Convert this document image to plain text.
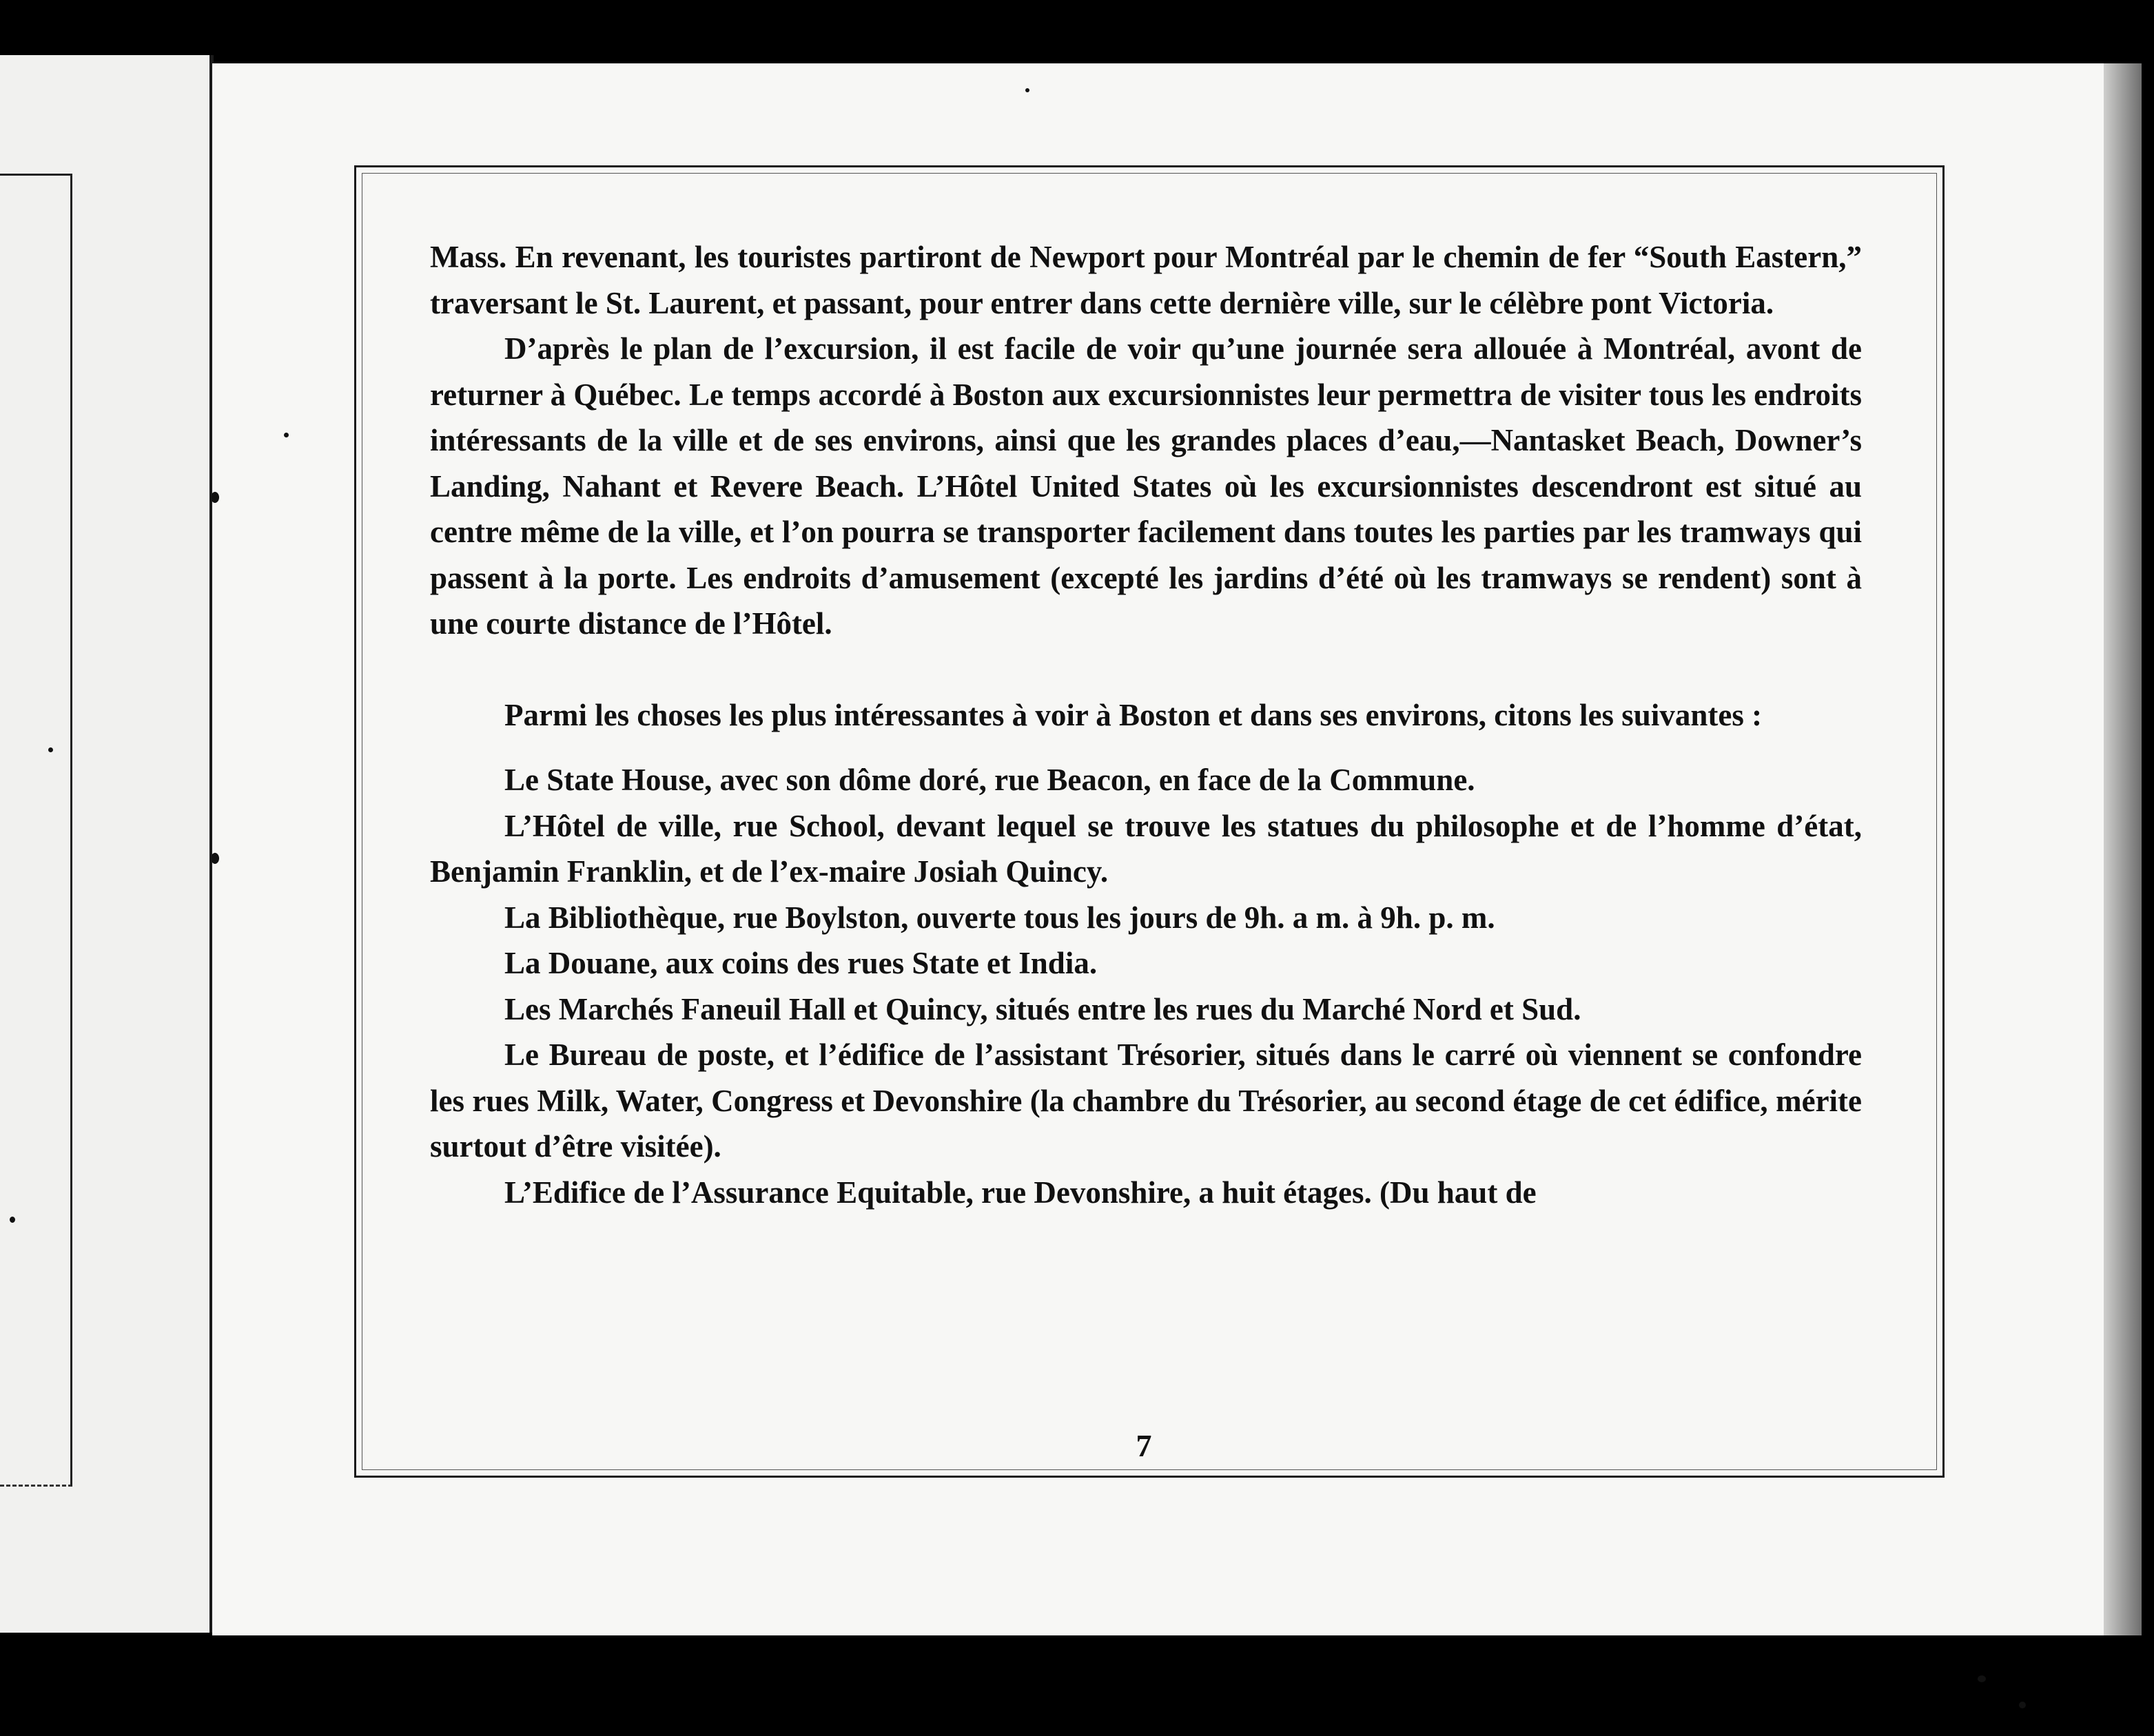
Mass. En revenant, les touristes partiront de Newport pour Montréal par le chemin de fer “South Eastern,” traversant le St. Laurent, et passant, pour entrer dans cette dernière ville, sur le célèbre pont Victoria.

D’après le plan de l’excursion, il est facile de voir qu’une journée sera allouée à Montréal, avont de returner à Québec. Le temps accordé à Boston aux excursionnistes leur permettra de visiter tous les endroits intéressants de la ville et de ses environs, ainsi que les grandes places d’eau,—Nantasket Beach, Downer’s Landing, Nahant et Revere Beach. L’Hôtel United States où les excursionnistes descendront est situé au centre même de la ville, et l’on pourra se transporter facilement dans toutes les parties par les tramways qui passent à la porte. Les endroits d’amusement (excepté les jardins d’été où les tramways se rendent) sont à une courte distance de l’Hôtel.

Parmi les choses les plus intéressantes à voir à Boston et dans ses environs, citons les suivantes :

Le State House, avec son dôme doré, rue Beacon, en face de la Commune.

L’Hôtel de ville, rue School, devant lequel se trouve les statues du philosophe et de l’homme d’état, Benjamin Franklin, et de l’ex-maire Josiah Quincy.

La Bibliothèque, rue Boylston, ouverte tous les jours de 9h. a m. à 9h. p. m.

La Douane, aux coins des rues State et India.

Les Marchés Faneuil Hall et Quincy, situés entre les rues du Marché Nord et Sud.

Le Bureau de poste, et l’édifice de l’assistant Trésorier, situés dans le carré où viennent se confondre les rues Milk, Water, Congress et Devonshire (la chambre du Trésorier, au second étage de cet édifice, mérite surtout d’être visitée).

L’Edifice de l’Assurance Equitable, rue Devonshire, a huit étages. (Du haut de

7
